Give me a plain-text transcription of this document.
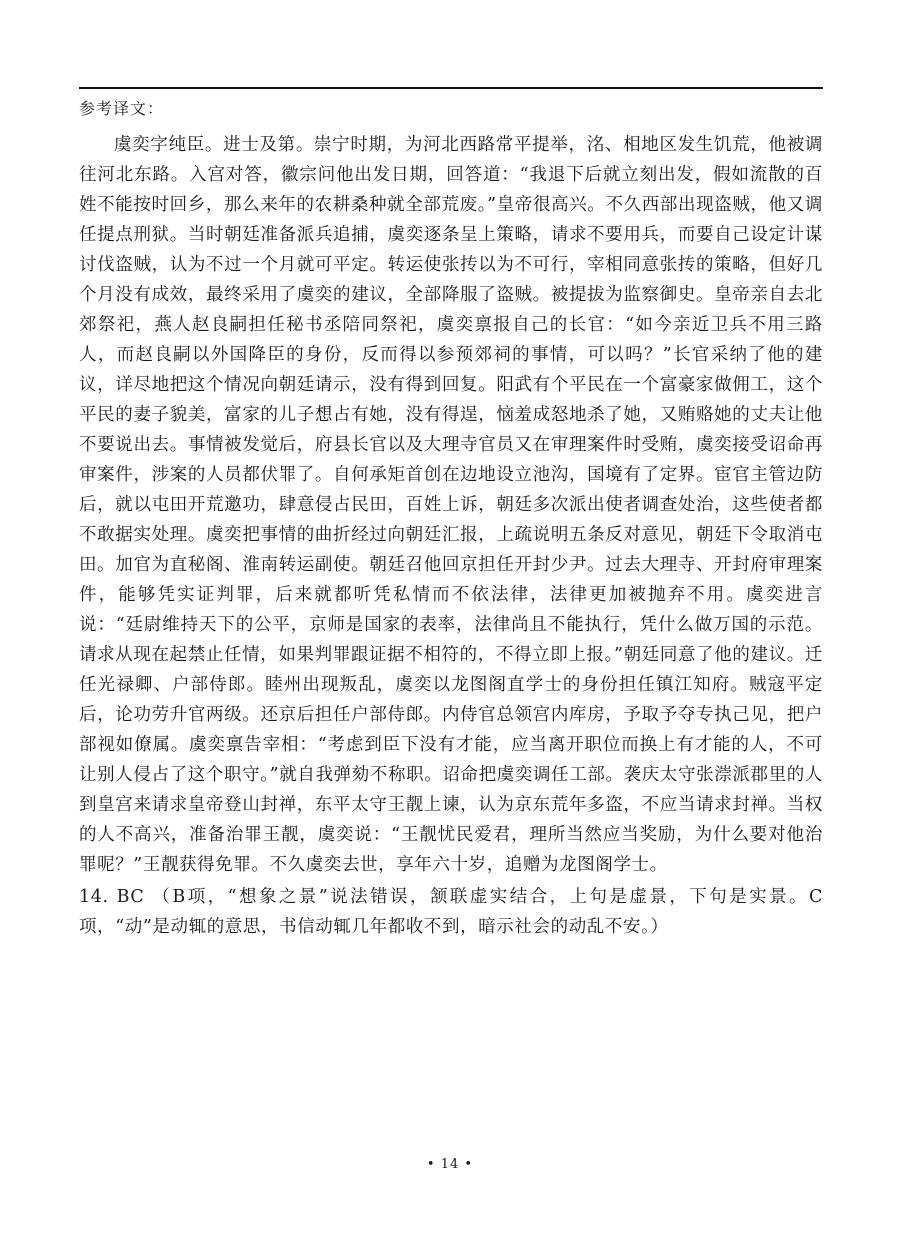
参考译文：

虞奕字纯臣。进士及第。崇宁时期，为河北西路常平提举，洺、相地区发生饥荒，他被调往河北东路。入宫对答，徽宗问他出发日期，回答道：“我退下后就立刻出发，假如流散的百姓不能按时回乡，那么来年的农耕桑种就全部荒废。”皇帝很高兴。不久西部出现盗贼，他又调任提点刑狱。当时朝廷准备派兵追捕，虞奕逐条呈上策略，请求不要用兵，而要自己设定计谋讨伐盗贼，认为不过一个月就可平定。转运使张抟以为不可行，宰相同意张抟的策略，但好几个月没有成效，最终采用了虞奕的建议，全部降服了盗贼。被提拔为监察御史。皇帝亲自去北郊祭祀，燕人赵良嗣担任秘书丞陪同祭祀，虞奕禀报自己的长官：“如今亲近卫兵不用三路人，而赵良嗣以外国降臣的身份，反而得以参预郊祠的事情，可以吗？”长官采纳了他的建议，详尽地把这个情况向朝廷请示，没有得到回复。阳武有个平民在一个富豪家做佣工，这个平民的妻子貌美，富家的儿子想占有她，没有得逞，恼羞成怒地杀了她，又贿赂她的丈夫让他不要说出去。事情被发觉后，府县长官以及大理寺官员又在审理案件时受贿，虞奕接受诏命再审案件，涉案的人员都伏罪了。自何承矩首创在边地设立池沟，国境有了定界。宦官主管边防后，就以屯田开荒邀功，肆意侵占民田，百姓上诉，朝廷多次派出使者调查处治，这些使者都不敢据实处理。虞奕把事情的曲折经过向朝廷汇报，上疏说明五条反对意见，朝廷下令取消屯田。加官为直秘阁、淮南转运副使。朝廷召他回京担任开封少尹。过去大理寺、开封府审理案件，能够凭实证判罪，后来就都听凭私情而不依法律，法律更加被抛弃不用。虞奕进言说：“廷尉维持天下的公平，京师是国家的表率，法律尚且不能执行，凭什么做万国的示范。请求从现在起禁止任情，如果判罪跟证据不相符的，不得立即上报。”朝廷同意了他的建议。迁任光禄卿、户部侍郎。睦州出现叛乱，虞奕以龙图阁直学士的身份担任镇江知府。贼寇平定后，论功劳升官两级。还京后担任户部侍郎。内侍官总领宫内库房，予取予夺专执己见，把户部视如僚属。虞奕禀告宰相：“考虑到臣下没有才能，应当离开职位而换上有才能的人，不可让别人侵占了这个职守。”就自我弹劾不称职。诏命把虞奕调任工部。袭庆太守张漴派郡里的人到皇宫来请求皇帝登山封禅，东平太守王靓上谏，认为京东荒年多盗，不应当请求封禅。当权的人不高兴，准备治罪王靓，虞奕说：“王靓忧民爱君，理所当然应当奖励，为什么要对他治罪呢？”王靓获得免罪。不久虞奕去世，享年六十岁，追赠为龙图阁学士。

14. BC （B项，“想象之景”说法错误，颔联虚实结合，上句是虚景，下句是实景。C项，“动”是动辄的意思，书信动辄几年都收不到，暗示社会的动乱不安。）

• 14 •
